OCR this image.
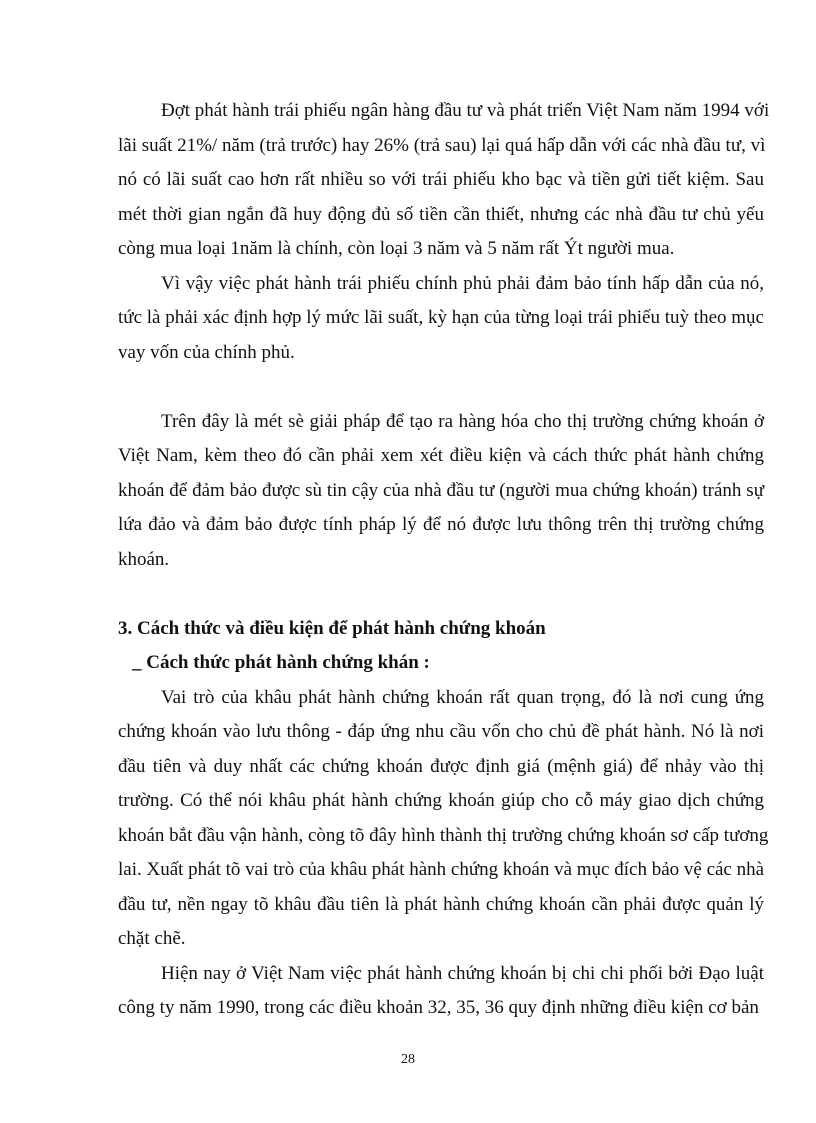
Đợt phát hành trái phiếu ngân hàng đầu tư và phát triển Việt Nam năm 1994 với
lãi suất 21%/ năm (trả trước) hay 26% (trả sau) lại quá hấp dẫn với các nhà đầu tư, vì
nó có lãi suất cao hơn rất nhiều so với trái phiếu kho bạc và tiền gửi tiết kiệm. Sau
mét thời gian ngắn đã huy động đủ số tiền cần thiết, nhưng các nhà đầu tư chủ yếu
còng mua loại 1năm là chính, còn loại 3 năm và 5 năm rất Ýt người mua.
Vì vậy việc phát hành trái phiếu chính phủ phải đảm bảo tính hấp dẫn của nó,
tức là phải xác định hợp lý mức lãi suất, kỳ hạn của từng loại trái phiếu tuỳ theo mục
vay vốn của chính phủ.
Trên đây là mét sè giải pháp để tạo ra hàng hóa cho thị trường chứng khoán ở
Việt Nam, kèm theo đó cần phải xem xét điều kiện và cách thức phát hành chứng
khoán để đảm bảo được sù tin cậy của nhà đầu tư (người mua chứng khoán) tránh sự
lứa đảo và đảm bảo được tính pháp lý để nó được lưu thông trên thị trường chứng
khoán.
3. Cách thức và điều kiện để phát hành chứng khoán
_ Cách thức phát hành chứng khán :
Vai trò của khâu phát hành chứng khoán rất quan trọng, đó là nơi cung ứng
chứng khoán vào lưu thông - đáp ứng nhu cầu vốn cho chủ đề phát hành. Nó là nơi
đầu tiên và duy nhất các chứng khoán được định giá (mệnh giá) để nhảy vào thị
trường. Có thể nói khâu phát hành chứng khoán giúp cho cỗ máy giao dịch chứng
khoán bắt đầu vận hành, còng tõ đây hình thành thị trường chứng khoán sơ cấp tương
lai. Xuất phát tõ vai trò của khâu phát hành chứng khoán và mục đích bảo vệ các nhà
đầu tư, nền ngay tõ khâu đầu tiên là phát hành chứng khoán cần phải được quản lý
chặt chẽ.
Hiện nay ở Việt Nam việc phát hành chứng khoán bị chi chi phối bởi Đạo luật
công ty năm 1990, trong các điều khoản 32, 35, 36 quy định những điều kiện cơ bản
28
